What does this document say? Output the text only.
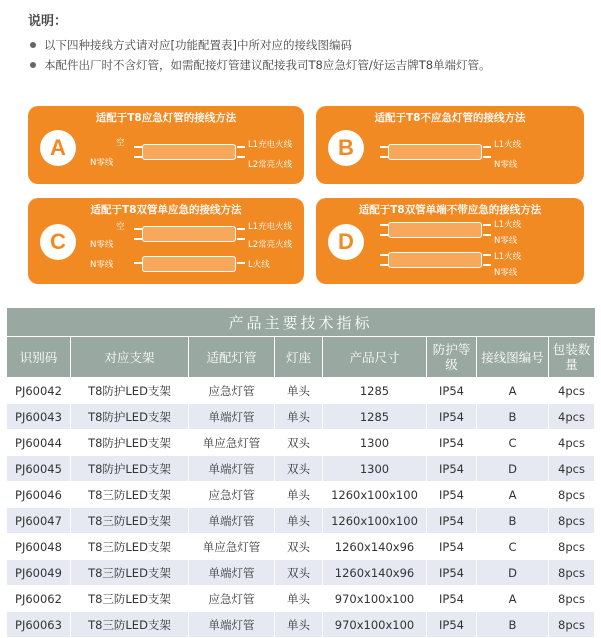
说明：
以下四种接线方式请对应[功能配置表]中所对应的接线图编码
本配件出厂时不含灯管，如需配接灯管建议配接我司T8应急灯管/好运吉牌T8单端灯管。
适配于T8应急灯管的接线方法
A	空
N零线
L1充电火线
L2常亮火线
适配于T8不应急灯管的接线方法
B	L1火线
N零线
适配于T8双管单应急的接线方法
C
空
N零线
L1充电火线
L2常亮火线
N零线	L火线
适配于T8双管单端不带应急的接线方法
D
L1火线
N零线
L1火线
N零线
产品主要技术指标							
识别码	对应支架	适配灯管	灯座	产品尺寸	防护等级	接线图编号	包装数量
PJ60042	T8防护LED支架	应急灯管	单头	1285	IP54	A	4pcs
PJ60043	T8防护LED支架	单端灯管	单头	1285	IP54	B	4pcs
PJ60044	T8防护LED支架	单应急灯管	双头	1300	IP54	C	4pcs
PJ60045	T8防护LED支架	单端灯管	双头	1300	IP54	D	4pcs
PJ60046	T8三防LED支架	应急灯管	单头	1260x100x100	IP54	A	8pcs
PJ60047	T8三防LED支架	单端灯管	单头	1260x100x100	IP54	B	8pcs
PJ60048	T8三防LED支架	单应急灯管	双头	1260x140x96	IP54	C	8pcs
PJ60049	T8三防LED支架	单端灯管	双头	1260x140x96	IP54	D	8pcs
PJ60062	T8三防LED支架	应急灯管	单头	970x100x100	IP54	A	8pcs
PJ60063	T8三防LED支架	单端灯管	单头	970x100x100	IP54	B	8pcs
